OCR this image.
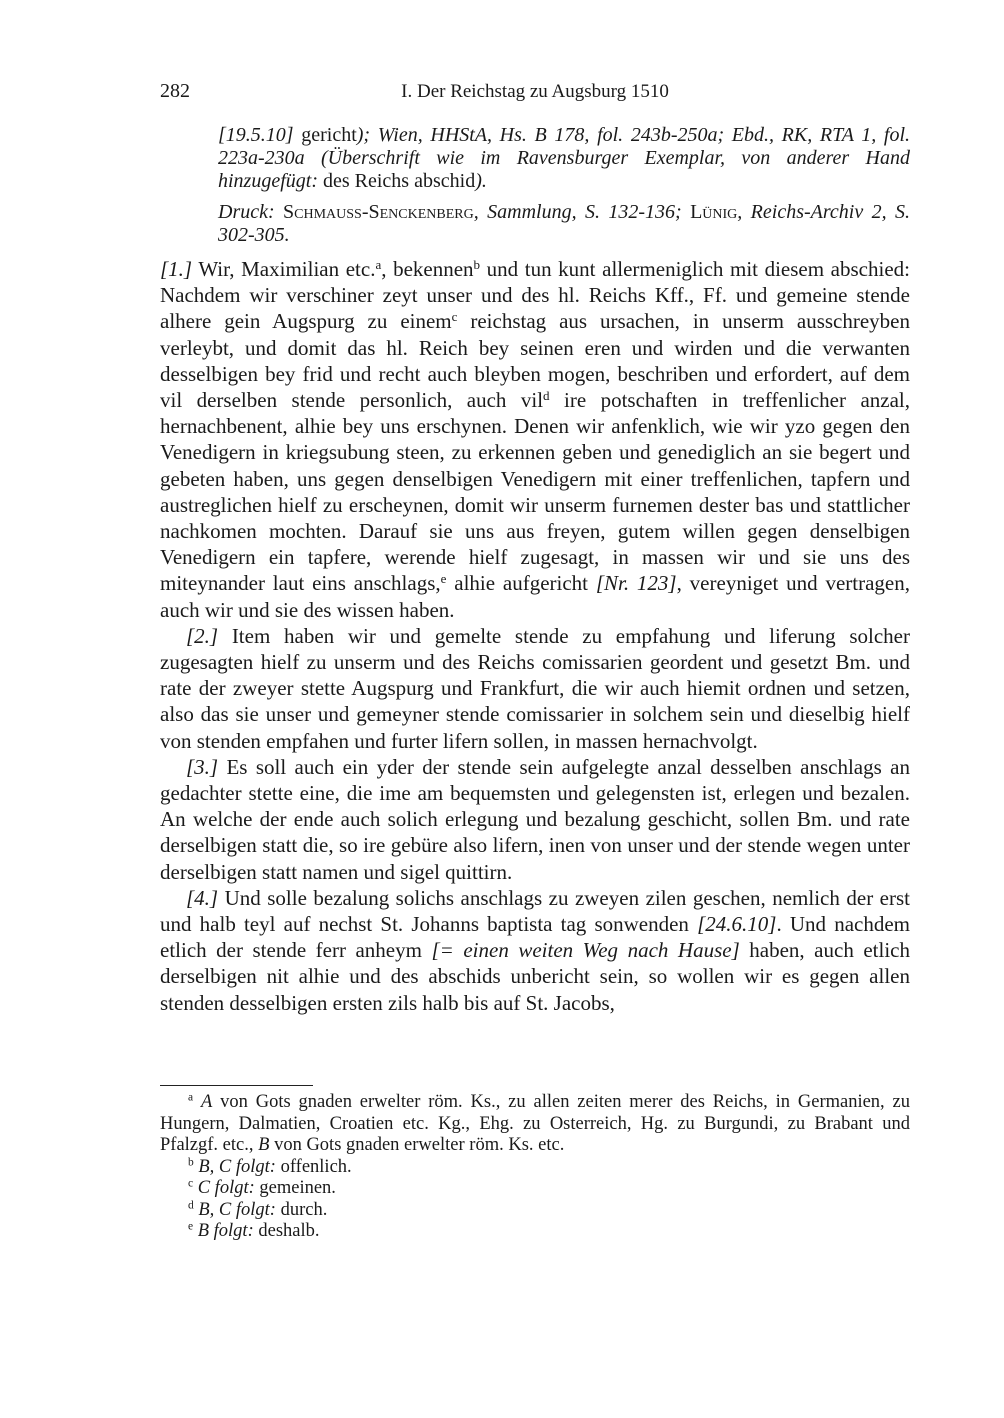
282	I. Der Reichstag zu Augsburg 1510

[19.5.10] gericht); Wien, HHStA, Hs. B 178, fol. 243b-250a; Ebd., RK, RTA 1, fol. 223a-230a (Überschrift wie im Ravensburger Exemplar, von anderer Hand hinzugefügt: des Reichs abschid).

Druck: Schmauss-Senckenberg, Sammlung, S. 132-136; Lünig, Reichs-Archiv 2, S. 302-305.

[1.] Wir, Maximilian etc.$^a$, bekennen$^b$ und tun kunt allermeniglich mit diesem abschied: Nachdem wir verschiner zeyt unser und des hl. Reichs Kff., Ff. und gemeine stende alhere gein Augspurg zu einem$^c$ reichstag aus ursachen, in unserm ausschreyben verleybt, und domit das hl. Reich bey seinen eren und wirden und die verwanten desselbigen bey frid und recht auch bleyben mogen, beschriben und erfordert, auf dem vil derselben stende personlich, auch vil$^d$ ire potschaften in treffenlicher anzal, hernachbenent, alhie bey uns erschynen. Denen wir anfenklich, wie wir yzo gegen den Venedigern in kriegsubung steen, zu erkennen geben und genediglich an sie begert und gebeten haben, uns gegen denselbigen Venedigern mit einer treffenlichen, tapfern und austreglichen hielf zu erscheynen, domit wir unserm furnemen dester bas und stattlicher nachkomen mochten. Darauf sie uns aus freyen, gutem willen gegen denselbigen Venedigern ein tapfere, werende hielf zugesagt, in massen wir und sie uns des miteynander laut eins anschlags,$^e$ alhie aufgericht [Nr. 123], vereyniget und vertragen, auch wir und sie des wissen haben.

[2.] Item haben wir und gemelte stende zu empfahung und liferung solcher zugesagten hielf zu unserm und des Reichs comissarien geordent und gesetzt Bm. und rate der zweyer stette Augspurg und Frankfurt, die wir auch hiemit ordnen und setzen, also das sie unser und gemeyner stende comissarier in solchem sein und dieselbig hielf von stenden empfahen und furter lifern sollen, in massen hernachvolgt.

[3.] Es soll auch ein yder der stende sein aufgelegte anzal desselben anschlags an gedachter stette eine, die ime am bequemsten und gelegensten ist, erlegen und bezalen. An welche der ende auch solich erlegung und bezalung geschicht, sollen Bm. und rate derselbigen statt die, so ire gebüre also lifern, inen von unser und der stende wegen unter derselbigen statt namen und sigel quittirn.

[4.] Und solle bezalung solichs anschlags zu zweyen zilen geschen, nemlich der erst und halb teyl auf nechst St. Johanns baptista tag sonwenden [24.6.10]. Und nachdem etlich der stende ferr anheym [= einen weiten Weg nach Hause] haben, auch etlich derselbigen nit alhie und des abschids unbericht sein, so wollen wir es gegen allen stenden desselbigen ersten zils halb bis auf St. Jacobs,

$^a$ A von Gots gnaden erwelter röm. Ks., zu allen zeiten merer des Reichs, in Germanien, zu Hungern, Dalmatien, Croatien etc. Kg., Ehg. zu Osterreich, Hg. zu Burgundi, zu Brabant und Pfalzgf. etc., B von Gots gnaden erwelter röm. Ks. etc.

$^b$ B, C folgt: offenlich.

$^c$ C folgt: gemeinen.

$^d$ B, C folgt: durch.

$^e$ B folgt: deshalb.
